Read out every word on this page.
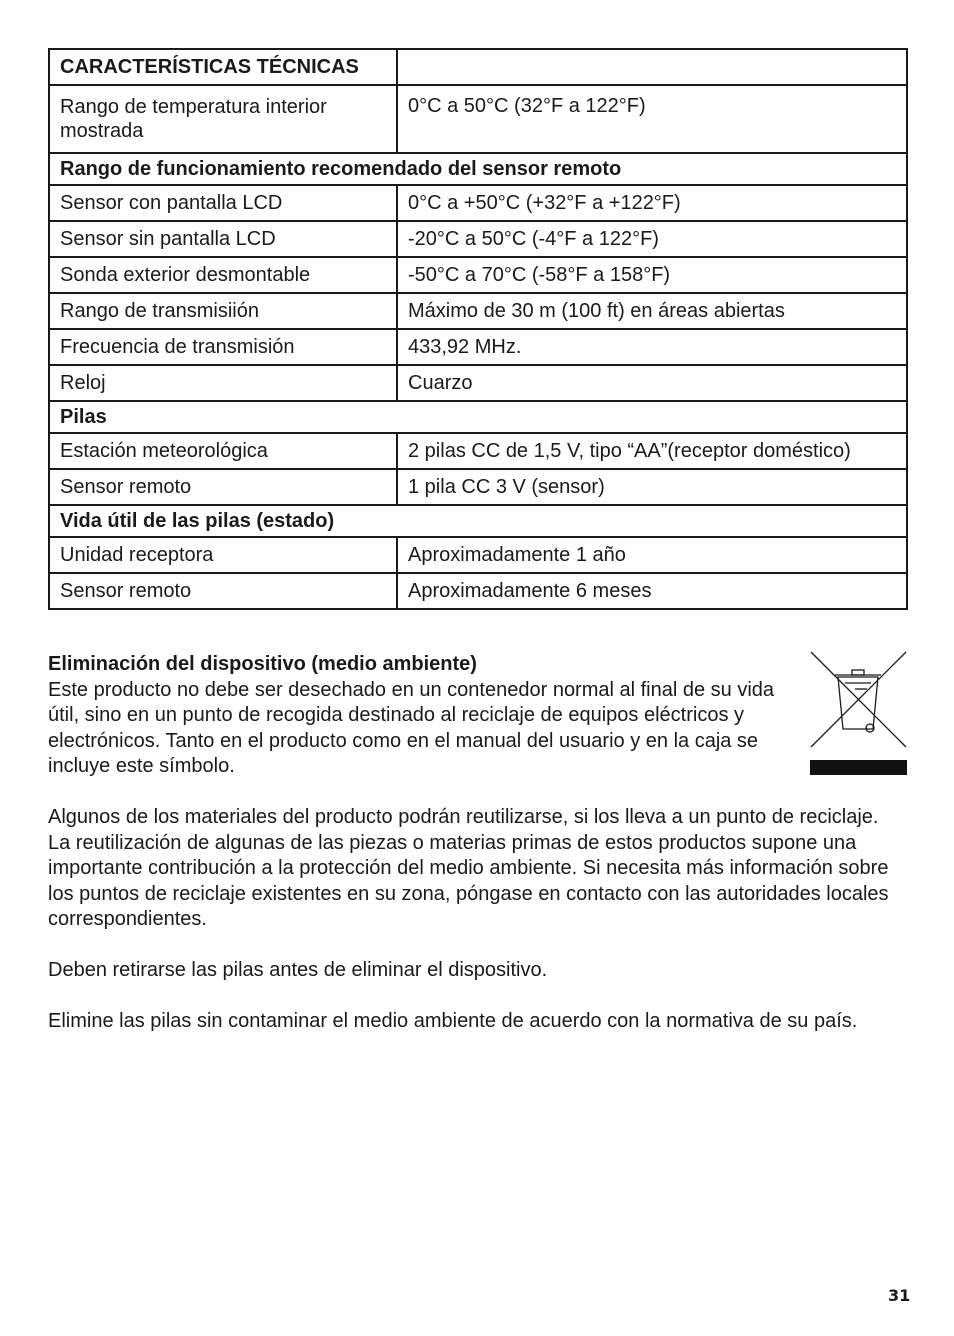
CARACTERÍSTICAS TÉCNICAS	
Rango de temperatura interior mostrada	0°C a 50°C (32°F a 122°F)
Rango de funcionamiento recomendado del sensor remoto	
Sensor con pantalla LCD	0°C a +50°C (+32°F a +122°F)
Sensor sin pantalla LCD	-20°C a 50°C (-4°F a 122°F)
Sonda exterior desmontable	-50°C a 70°C (-58°F a 158°F)
Rango de transmisiión	Máximo de 30 m (100 ft) en áreas abiertas
Frecuencia de transmisión	433,92 MHz.
Reloj	Cuarzo
Pilas	
Estación meteorológica	2 pilas CC de 1,5 V, tipo “AA”(receptor doméstico)
Sensor remoto	1 pila CC 3 V (sensor)
Vida útil de las pilas (estado)	
Unidad receptora	Aproximadamente 1 año
Sensor remoto	Aproximadamente 6 meses
Eliminación del dispositivo (medio ambiente)
Este producto no debe ser desechado en un contenedor normal al final de su vida útil, sino en un punto de recogida destinado al reciclaje de equipos eléctricos y electrónicos. Tanto en el producto como en el manual del usuario y en la caja se incluye este símbolo.
Algunos de los materiales del producto podrán reutilizarse, si los lleva a un punto de reciclaje. La reutilización de algunas de las piezas o materias primas de estos productos supone una importante contribución a la protección del medio ambiente. Si necesita más información sobre los puntos de reciclaje existentes en su zona, póngase en contacto con las autoridades locales correspondientes.
Deben retirarse las pilas antes de eliminar el dispositivo.
Elimine las pilas sin contaminar el medio ambiente de acuerdo con la normativa de su país.
31
